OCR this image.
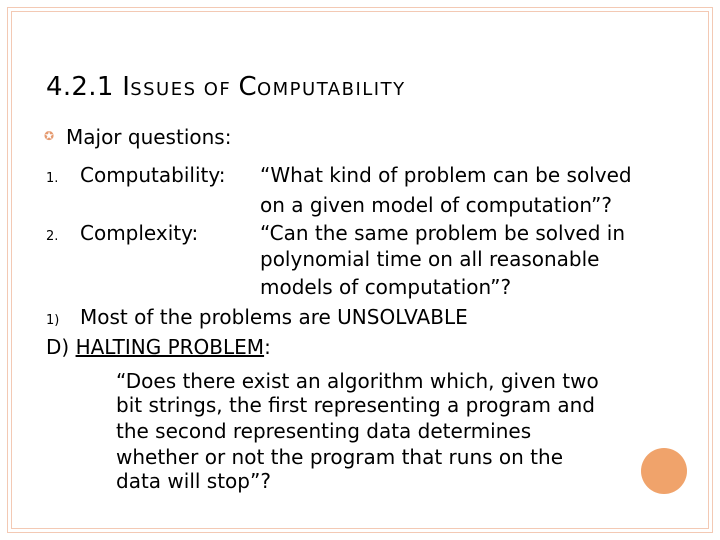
4.2.1 ISSUES OF COMPUTABILITY
✪ Major questions:
1. Computability: “What kind of problem can be solved
on a given model of computation”?
2. Complexity:	“Can the same problem be solved in
polynomial time on all reasonable
models of computation”?
1) Most of the problems are UNSOLVABLE
D) HALTING PROBLEM:
“Does there exist an algorithm which, given two
bit strings, the first representing a program and
the second representing data determines
whether or not the program that runs on the
data will stop”?
